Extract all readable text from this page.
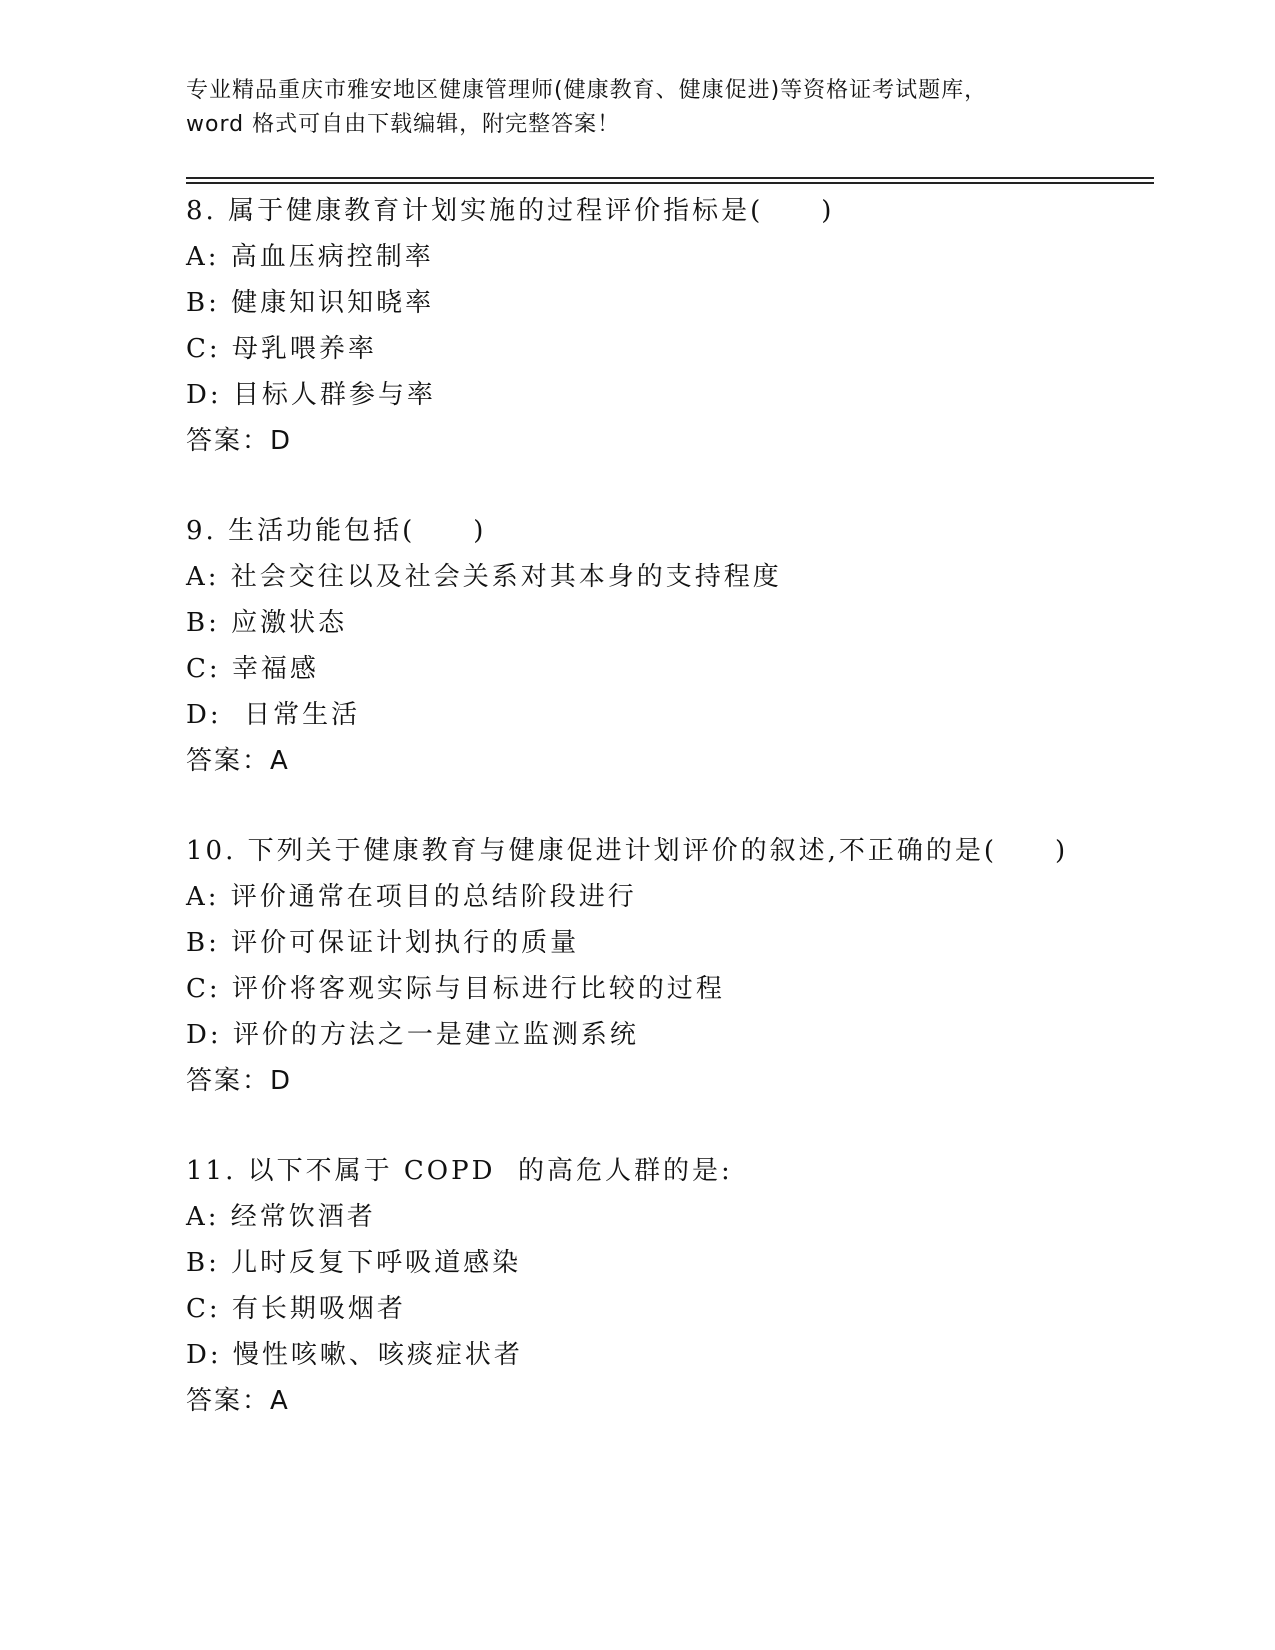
专业精品重庆市雅安地区健康管理师(健康教育、健康促进)等资格证考试题库，
word 格式可自由下载编辑，附完整答案！
8. 属于健康教育计划实施的过程评价指标是(　　)
A: 高血压病控制率
B: 健康知识知晓率
C: 母乳喂养率
D: 目标人群参与率
答案：D
9. 生活功能包括(　　)
A: 社会交往以及社会关系对其本身的支持程度
B: 应激状态
C: 幸福感
D:  日常生活
答案：A
10. 下列关于健康教育与健康促进计划评价的叙述,不正确的是(　　)
A: 评价通常在项目的总结阶段进行
B: 评价可保证计划执行的质量
C: 评价将客观实际与目标进行比较的过程
D: 评价的方法之一是建立监测系统
答案：D
11. 以下不属于 COPD  的高危人群的是:
A: 经常饮酒者
B: 儿时反复下呼吸道感染
C: 有长期吸烟者
D: 慢性咳嗽、咳痰症状者
答案：A
